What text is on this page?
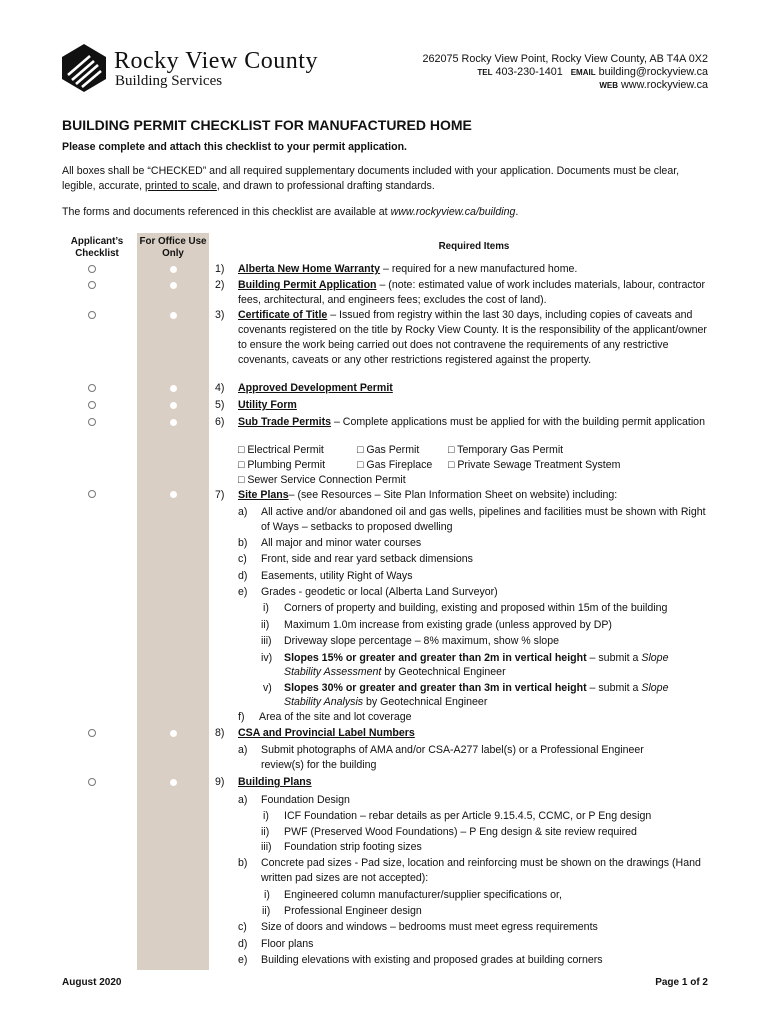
Rocky View County
Building Services
262075 Rocky View Point, Rocky View County, AB T4A 0X2
TEL 403-230-1401 EMAIL building@rockyview.ca
WEB www.rockyview.ca
BUILDING PERMIT CHECKLIST FOR MANUFACTURED HOME
Please complete and attach this checklist to your permit application.
All boxes shall be “CHECKED” and all required supplementary documents included with your application. Documents must be clear, legible, accurate, printed to scale, and drawn to professional drafting standards.
The forms and documents referenced in this checklist are available at www.rockyview.ca/building.
Applicant’s Checklist
For Office Use Only
Required Items
1) Alberta New Home Warranty – required for a new manufactured home.
2) Building Permit Application – (note: estimated value of work includes materials, labour, contractor fees, architectural, and engineers fees; excludes the cost of land).
3) Certificate of Title – Issued from registry within the last 30 days, including copies of caveats and covenants registered on the title by Rocky View County. It is the responsibility of the applicant/owner to ensure the work being carried out does not contravene the requirements of any restrictive covenants, caveats or any other restrictions registered against the property.
4) Approved Development Permit
5) Utility Form
6) Sub Trade Permits – Complete applications must be applied for with the building permit application
□ Electrical Permit	□ Gas Permit	□ Temporary Gas Permit
□ Plumbing Permit	□ Gas Fireplace □ Private Sewage Treatment System
□ Sewer Service Connection Permit
7) Site Plans– (see Resources – Site Plan Information Sheet on website) including:
a) All active and/or abandoned oil and gas wells, pipelines and facilities must be shown with Right of Ways – setbacks to proposed dwelling
b) All major and minor water courses
c) Front, side and rear yard setback dimensions
d) Easements, utility Right of Ways
e) Grades - geodetic or local (Alberta Land Surveyor)
i) Corners of property and building, existing and proposed within 15m of the building
ii) Maximum 1.0m increase from existing grade (unless approved by DP)
iii) Driveway slope percentage – 8% maximum, show % slope
iv) Slopes 15% or greater and greater than 2m in vertical height – submit a Slope
Stability Assessment by Geotechnical Engineer
v) Slopes 30% or greater and greater than 3m in vertical height – submit a Slope
Stability Analysis by Geotechnical Engineer
f) Area of the site and lot coverage
8) CSA and Provincial Label Numbers
a) Submit photographs of AMA and/or CSA-A277 label(s) or a Professional Engineer review(s) for the building
9) Building Plans
a) Foundation Design
i) ICF Foundation – rebar details as per Article 9.15.4.5, CCMC, or P Eng design
ii) PWF (Preserved Wood Foundations) – P Eng design & site review required
iii) Foundation strip footing sizes
b) Concrete pad sizes - Pad size, location and reinforcing must be shown on the drawings (Hand written pad sizes are not accepted):
i) Engineered column manufacturer/supplier specifications or,
ii) Professional Engineer design
c) Size of doors and windows – bedrooms must meet egress requirements
d) Floor plans
e) Building elevations with existing and proposed grades at building corners
August 2020	Page 1 of 2
